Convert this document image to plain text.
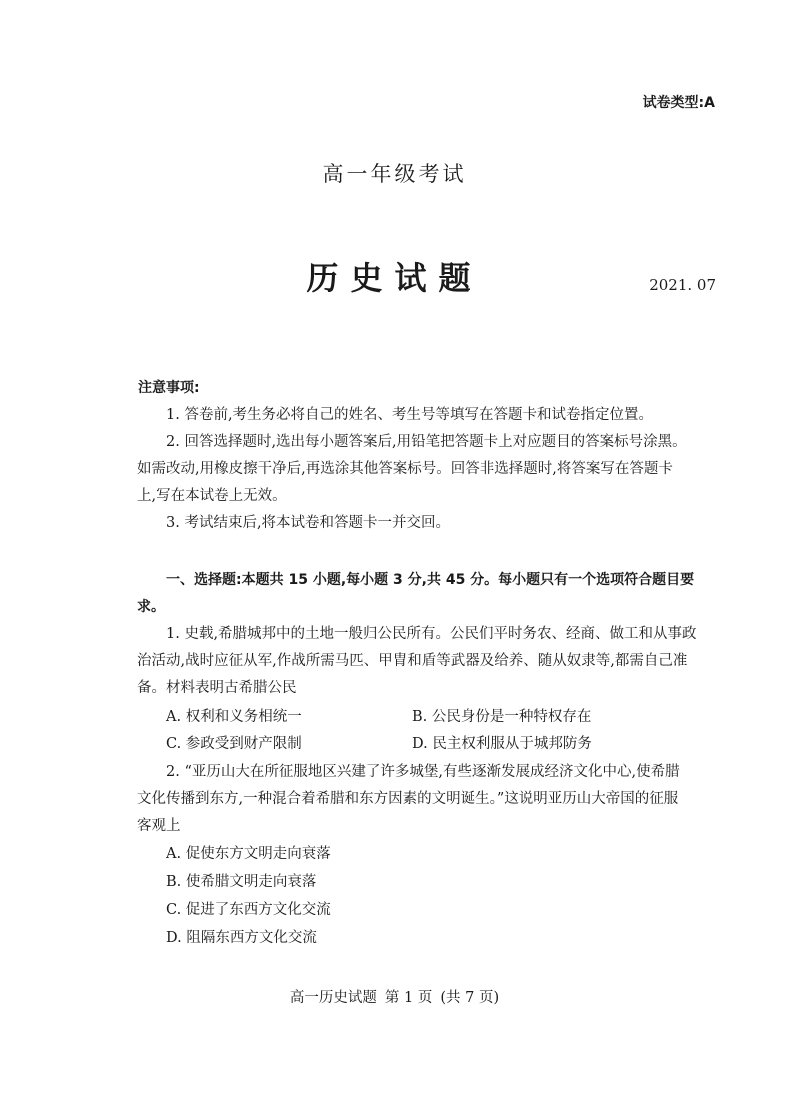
试卷类型:A
高一年级考试
历史试题	2021. 07
注意事项:
1. 答卷前,考生务必将自己的姓名、考生号等填写在答题卡和试卷指定位置。
2. 回答选择题时,选出每小题答案后,用铅笔把答题卡上对应题目的答案标号涂黑。
如需改动,用橡皮擦干净后,再选涂其他答案标号。回答非选择题时,将答案写在答题卡
上,写在本试卷上无效。
3. 考试结束后,将本试卷和答题卡一并交回。
一、选择题:本题共 15 小题,每小题 3 分,共 45 分。每小题只有一个选项符合题目要
求。
1. 史载,希腊城邦中的土地一般归公民所有。公民们平时务农、经商、做工和从事政
治活动,战时应征从军,作战所需马匹、甲胄和盾等武器及给养、随从奴隶等,都需自己准
备。材料表明古希腊公民
A. 权利和义务相统一	B. 公民身份是一种特权存在
C. 参政受到财产限制	D. 民主权利服从于城邦防务
2. “亚历山大在所征服地区兴建了许多城堡,有些逐渐发展成经济文化中心,使希腊
文化传播到东方,一种混合着希腊和东方因素的文明诞生。”这说明亚历山大帝国的征服
客观上
A. 促使东方文明走向衰落
B. 使希腊文明走向衰落
C. 促进了东西方文化交流
D. 阻隔东西方文化交流
高一历史试题 第 1 页 (共 7 页)
